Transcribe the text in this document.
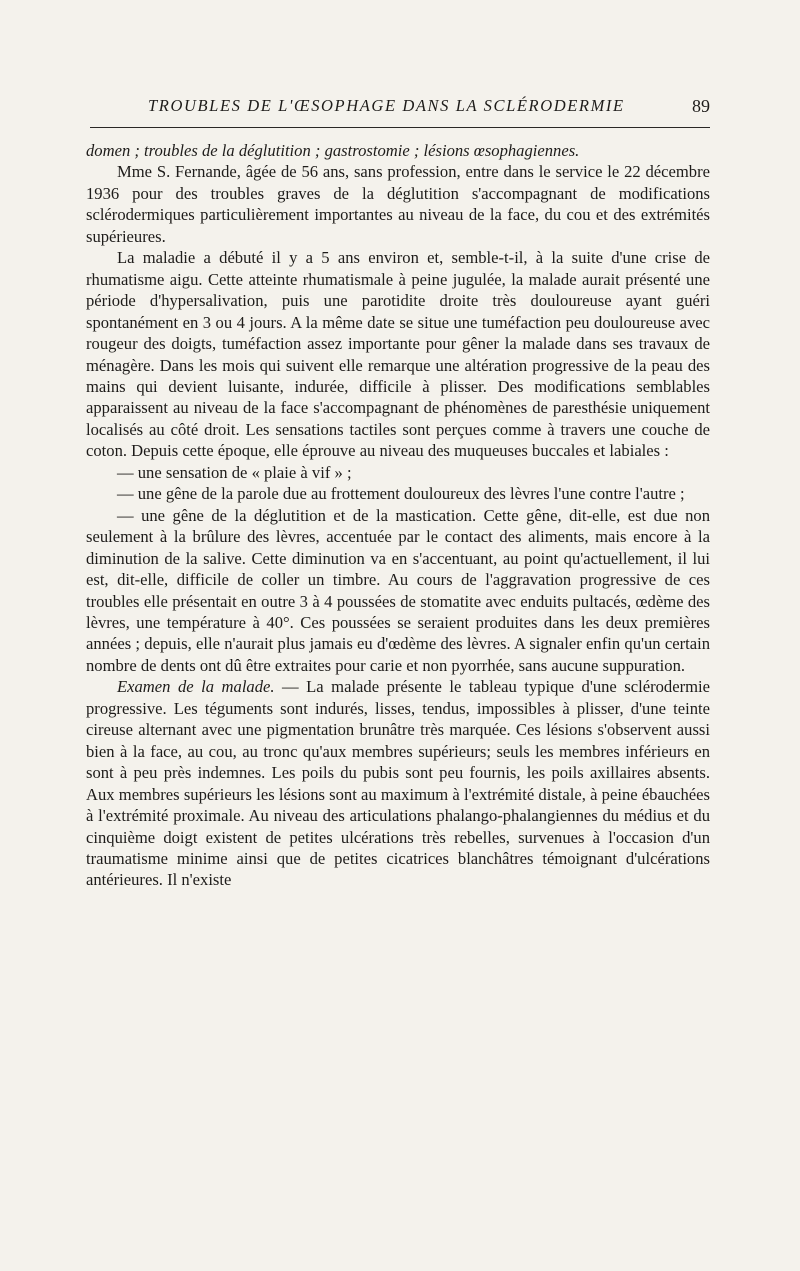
TROUBLES DE L'ŒSOPHAGE DANS LA SCLÉRODERMIE	89

domen ; troubles de la déglutition ; gastrostomie ; lésions œsophagiennes.

Mme S. Fernande, âgée de 56 ans, sans profession, entre dans le service le 22 décembre 1936 pour des troubles graves de la déglutition s'accompagnant de modifications sclérodermiques particulièrement importantes au niveau de la face, du cou et des extrémités supérieures.

La maladie a débuté il y a 5 ans environ et, semble-t-il, à la suite d'une crise de rhumatisme aigu. Cette atteinte rhumatismale à peine jugulée, la malade aurait présenté une période d'hypersalivation, puis une parotidite droite très douloureuse ayant guéri spontanément en 3 ou 4 jours. A la même date se situe une tuméfaction peu douloureuse avec rougeur des doigts, tuméfaction assez importante pour gêner la malade dans ses travaux de ménagère. Dans les mois qui suivent elle remarque une altération progressive de la peau des mains qui devient luisante, indurée, difficile à plisser. Des modifications semblables apparaissent au niveau de la face s'accompagnant de phénomènes de paresthésie uniquement localisés au côté droit. Les sensations tactiles sont perçues comme à travers une couche de coton. Depuis cette époque, elle éprouve au niveau des muqueuses buccales et labiales :

— une sensation de « plaie à vif » ;

— une gêne de la parole due au frottement douloureux des lèvres l'une contre l'autre ;

— une gêne de la déglutition et de la mastication. Cette gêne, dit-elle, est due non seulement à la brûlure des lèvres, accentuée par le contact des aliments, mais encore à la diminution de la salive. Cette diminution va en s'accentuant, au point qu'actuellement, il lui est, dit-elle, difficile de coller un timbre. Au cours de l'aggravation progressive de ces troubles elle présentait en outre 3 à 4 poussées de stomatite avec enduits pultacés, œdème des lèvres, une température à 40°. Ces poussées se seraient produites dans les deux premières années ; depuis, elle n'aurait plus jamais eu d'œdème des lèvres. A signaler enfin qu'un certain nombre de dents ont dû être extraites pour carie et non pyorrhée, sans aucune suppuration.

Examen de la malade. — La malade présente le tableau typique d'une sclérodermie progressive. Les téguments sont indurés, lisses, tendus, impossibles à plisser, d'une teinte cireuse alternant avec une pigmentation brunâtre très marquée. Ces lésions s'observent aussi bien à la face, au cou, au tronc qu'aux membres supérieurs; seuls les membres inférieurs en sont à peu près indemnes. Les poils du pubis sont peu fournis, les poils axillaires absents. Aux membres supérieurs les lésions sont au maximum à l'extrémité distale, à peine ébauchées à l'extrémité proximale. Au niveau des articulations phalango-phalangiennes du médius et du cinquième doigt existent de petites ulcérations très rebelles, survenues à l'occasion d'un traumatisme minime ainsi que de petites cicatrices blanchâtres témoignant d'ulcérations antérieures. Il n'existe
